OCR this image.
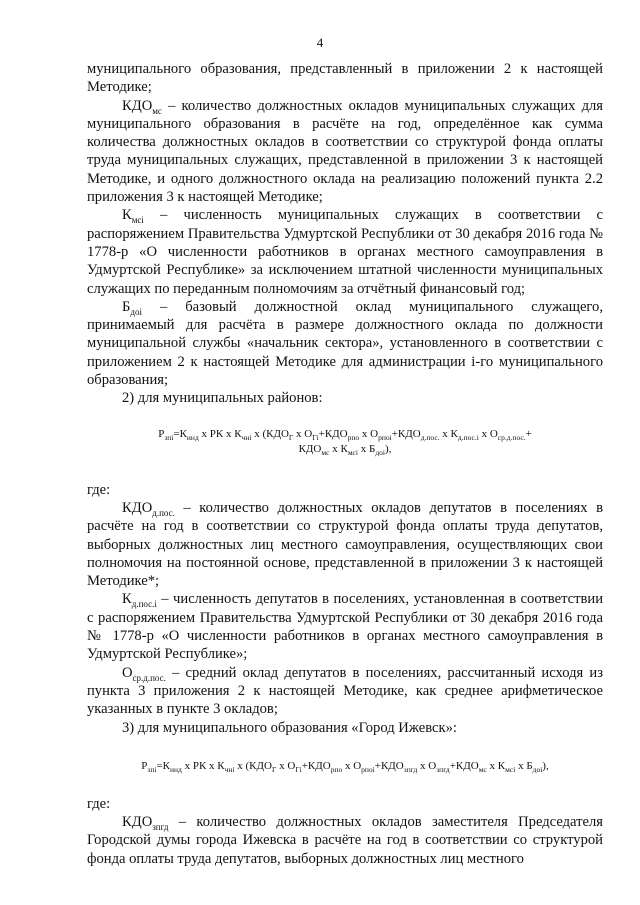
4

муниципального образования, представленный в приложении 2 к настоящей Методике;

$КДО_{мс}$ – количество должностных окладов муниципальных служащих для муниципального образования в расчёте на год, определённое как сумма количества должностных окладов в соответствии со структурой фонда оплаты труда муниципальных служащих, представленной в приложении 3 к настоящей Методике, и одного должностного оклада на реализацию положений пункта 2.2 приложения 3 к настоящей Методике;

$К_{мсi}$ – численность муниципальных служащих в соответствии с распоряжением Правительства Удмуртской Республики от 30 декабря 2016 года № 1778-р «О численности работников в органах местного самоуправления в Удмуртской Республике» за исключением штатной численности муниципальных служащих по переданным полномочиям за отчётный финансовый год;

$Б_{доi}$ – базовый должностной оклад муниципального служащего, принимаемый для расчёта в размере должностного оклада по должности муниципальной службы «начальник сектора», установленного в соответствии с приложением 2 к настоящей Методике для администрации i-го муниципального образования;

2) для муниципальных районов:

$Р_{зпi}=К_{инд}$ х РК х $К_{чнi}$ х ($КДО_Г$ х $О_{Гi}+КДО_{рпо}$ х $О_{рпоi}+КДО_{д.пос.}$ х $К_{д.пос.i}$ х $О_{ср.д.пос.}+$
$КДО_{мс}$ х $К_{мсi}$ х $Б_{доi}$),

где:

$КДО_{д.пос.}$ – количество должностных окладов депутатов в поселениях в расчёте на год в соответствии со структурой фонда оплаты труда депутатов, выборных должностных лиц местного самоуправления, осуществляющих свои полномочия на постоянной основе, представленной в приложении 3 к настоящей Методике*;

$К_{д.пос.i}$ – численность депутатов в поселениях, установленная в соответствии с распоряжением Правительства Удмуртской Республики от 30 декабря 2016 года № 1778-р «О численности работников в органах местного самоуправления в Удмуртской Республике»;

$О_{ср.д.пос.}$ – средний оклад депутатов в поселениях, рассчитанный исходя из пункта 3 приложения 2 к настоящей Методике, как среднее арифметическое указанных в пункте 3 окладов;

3) для муниципального образования «Город Ижевск»:

$Р_{зпi}=К_{инд}$ х РК х $К_{чнi}$ х ($КДО_Г$ х $О_{Гi}+КДО_{рпо}$ х $О_{рпоi}+КДО_{зпгд}$ х $О_{зпгд}+КДО_{мс}$ х $К_{мсi}$ х $Б_{доi}$),

где:

$КДО_{зпгд}$ – количество должностных окладов заместителя Председателя Городской думы города Ижевска в расчёте на год в соответствии со структурой фонда оплаты труда депутатов, выборных должностных лиц местного
